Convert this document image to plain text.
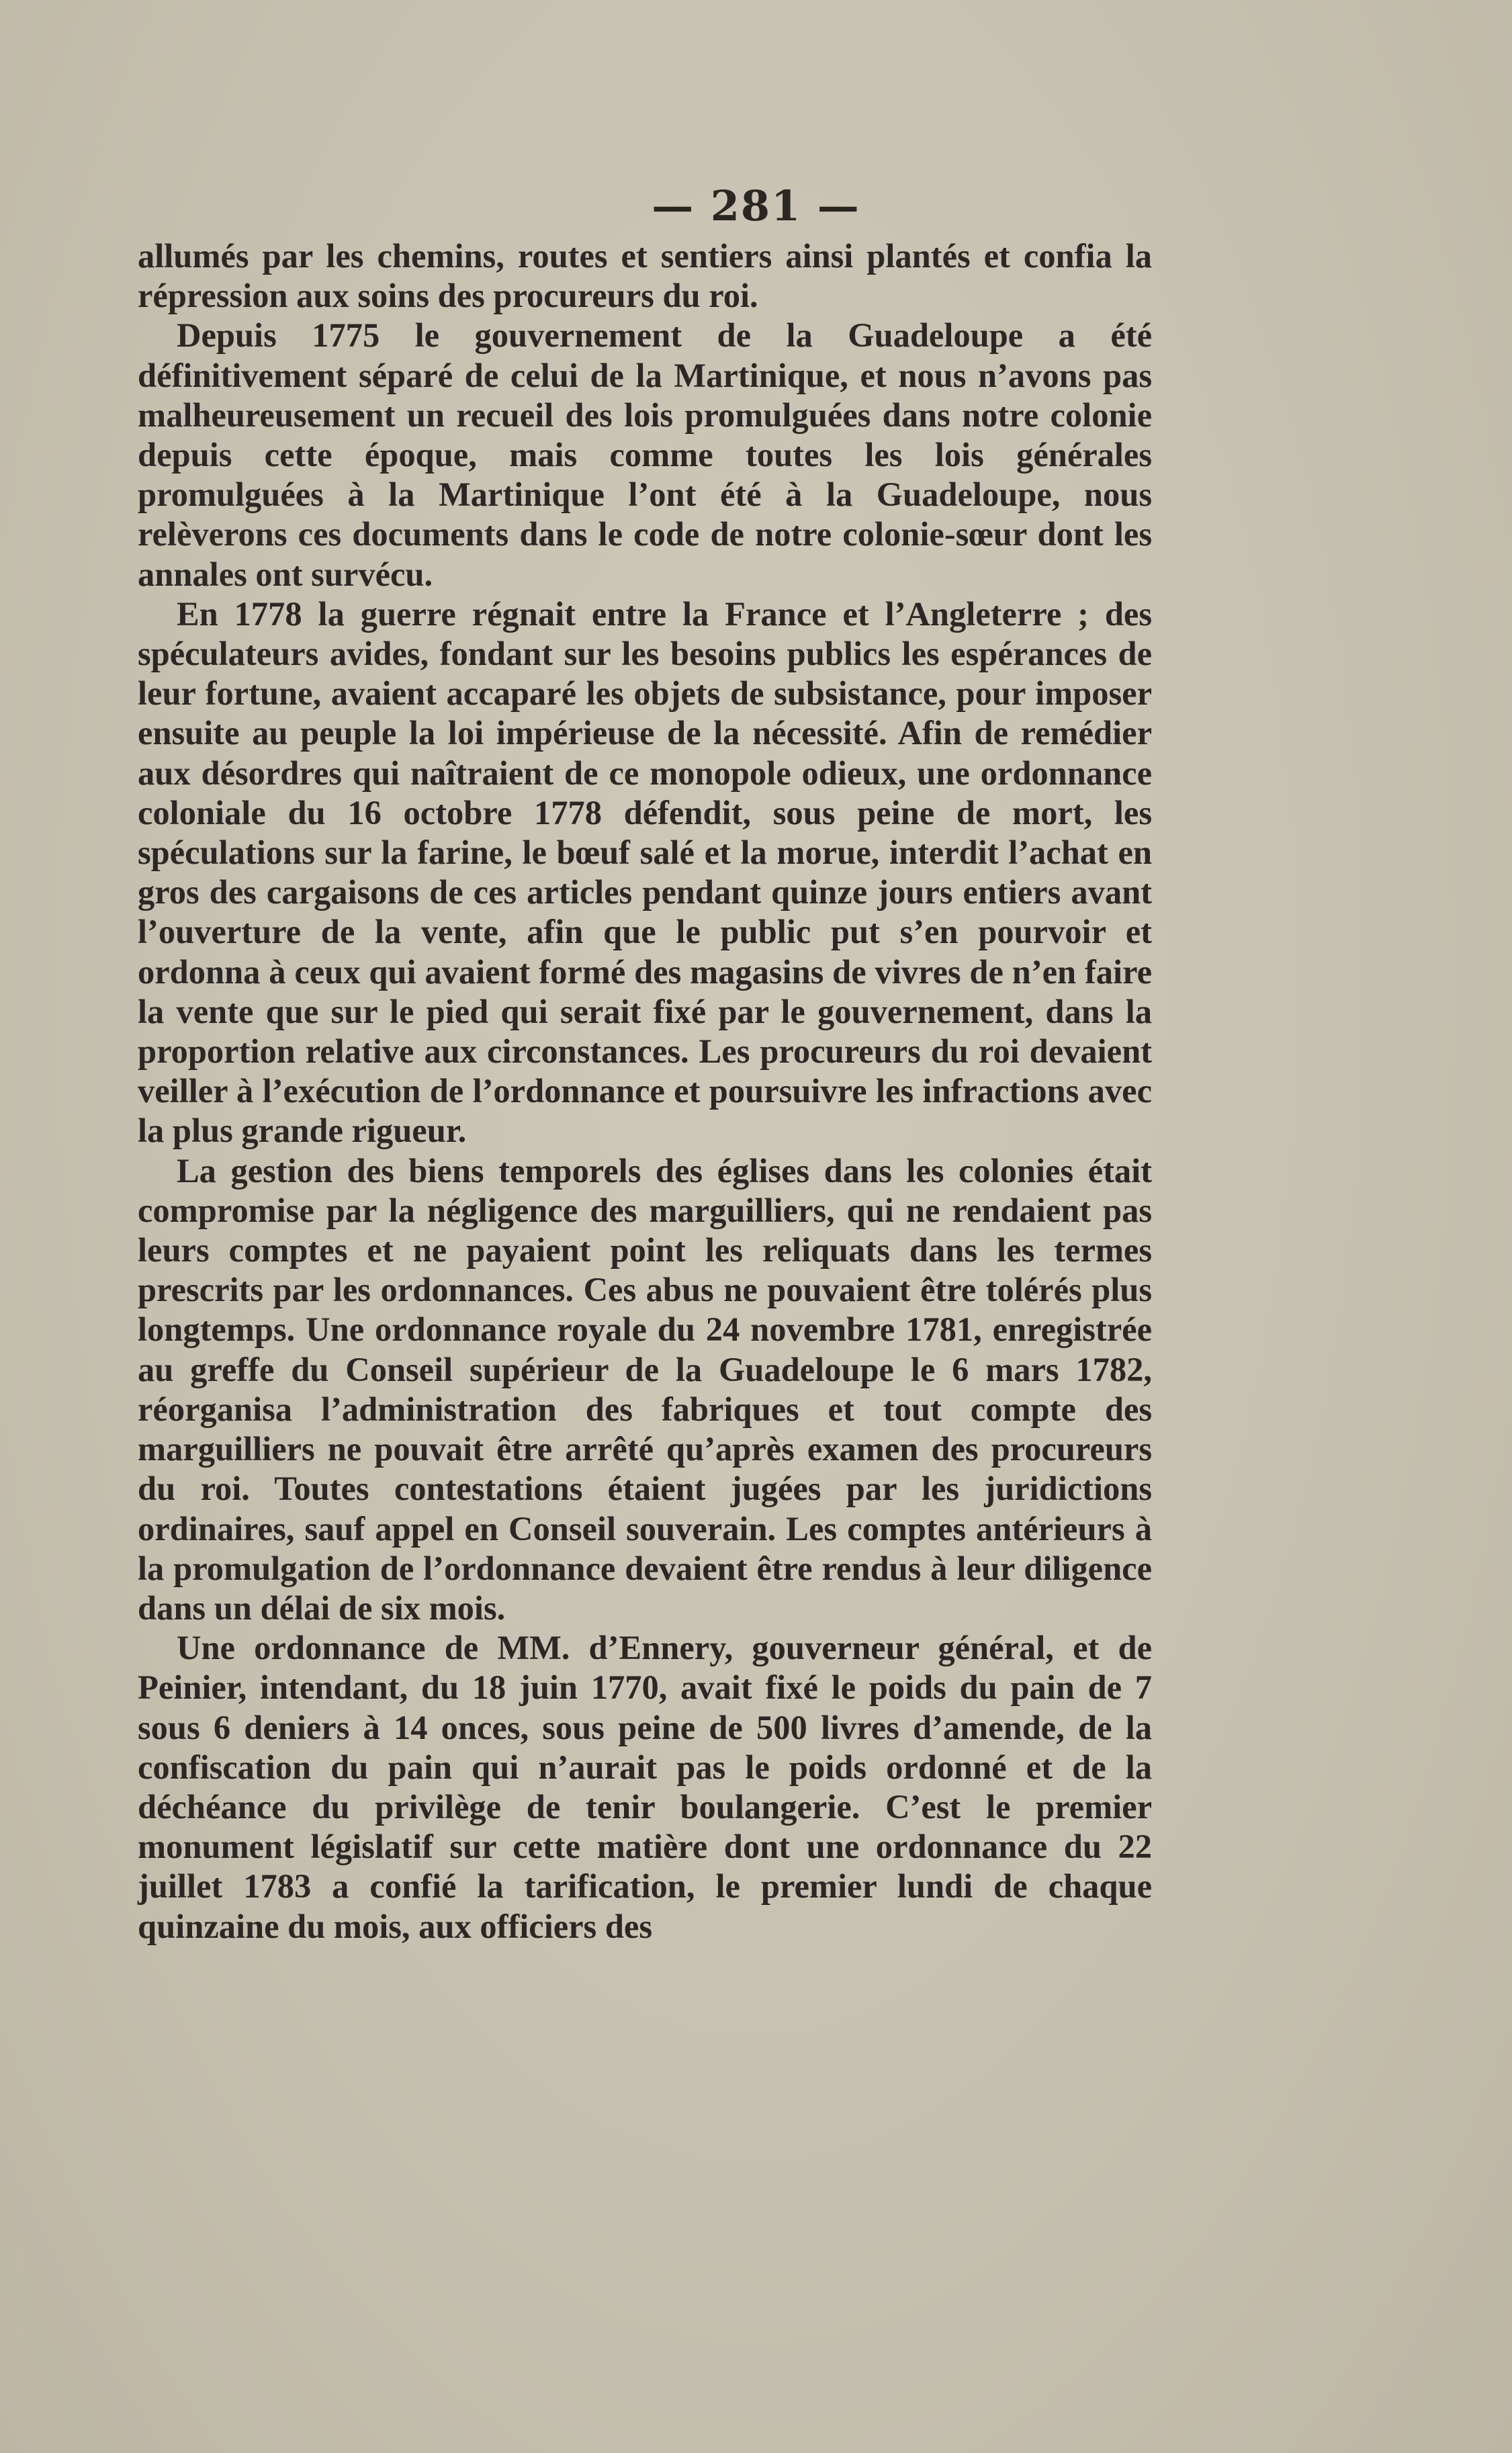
— 281 —

allumés par les chemins, routes et sentiers ainsi plantés et confia la répression aux soins des procureurs du roi.

Depuis 1775 le gouvernement de la Guadeloupe a été définitivement séparé de celui de la Martinique, et nous n’avons pas malheureusement un recueil des lois promulguées dans notre colonie depuis cette époque, mais comme toutes les lois générales promulguées à la Martinique l’ont été à la Guadeloupe, nous relèverons ces documents dans le code de notre colonie-sœur dont les annales ont survécu.

En 1778 la guerre régnait entre la France et l’Angleterre ; des spéculateurs avides, fondant sur les besoins publics les espérances de leur fortune, avaient accaparé les objets de subsistance, pour imposer ensuite au peuple la loi impérieuse de la nécessité. Afin de remédier aux désordres qui naîtraient de ce monopole odieux, une ordonnance coloniale du 16 octobre 1778 défendit, sous peine de mort, les spéculations sur la farine, le bœuf salé et la morue, interdit l’achat en gros des cargaisons de ces articles pendant quinze jours entiers avant l’ouverture de la vente, afin que le public put s’en pourvoir et ordonna à ceux qui avaient formé des magasins de vivres de n’en faire la vente que sur le pied qui serait fixé par le gouvernement, dans la proportion relative aux circonstances. Les procureurs du roi devaient veiller à l’exécution de l’ordonnance et poursuivre les infractions avec la plus grande rigueur.

La gestion des biens temporels des églises dans les colonies était compromise par la négligence des marguilliers, qui ne rendaient pas leurs comptes et ne payaient point les reliquats dans les termes prescrits par les ordonnances. Ces abus ne pouvaient être tolérés plus longtemps. Une ordonnance royale du 24 novembre 1781, enregistrée au greffe du Conseil supérieur de la Guadeloupe le 6 mars 1782, réorganisa l’administration des fabriques et tout compte des marguilliers ne pouvait être arrêté qu’après examen des procureurs du roi. Toutes contestations étaient jugées par les juridictions ordinaires, sauf appel en Conseil souverain. Les comptes antérieurs à la promulgation de l’ordonnance devaient être rendus à leur diligence dans un délai de six mois.

Une ordonnance de MM. d’Ennery, gouverneur général, et de Peinier, intendant, du 18 juin 1770, avait fixé le poids du pain de 7 sous 6 deniers à 14 onces, sous peine de 500 livres d’amende, de la confiscation du pain qui n’aurait pas le poids ordonné et de la déchéance du privilège de tenir boulangerie. C’est le premier monument législatif sur cette matière dont une ordonnance du 22 juillet 1783 a confié la tarification, le premier lundi de chaque quinzaine du mois, aux officiers des
